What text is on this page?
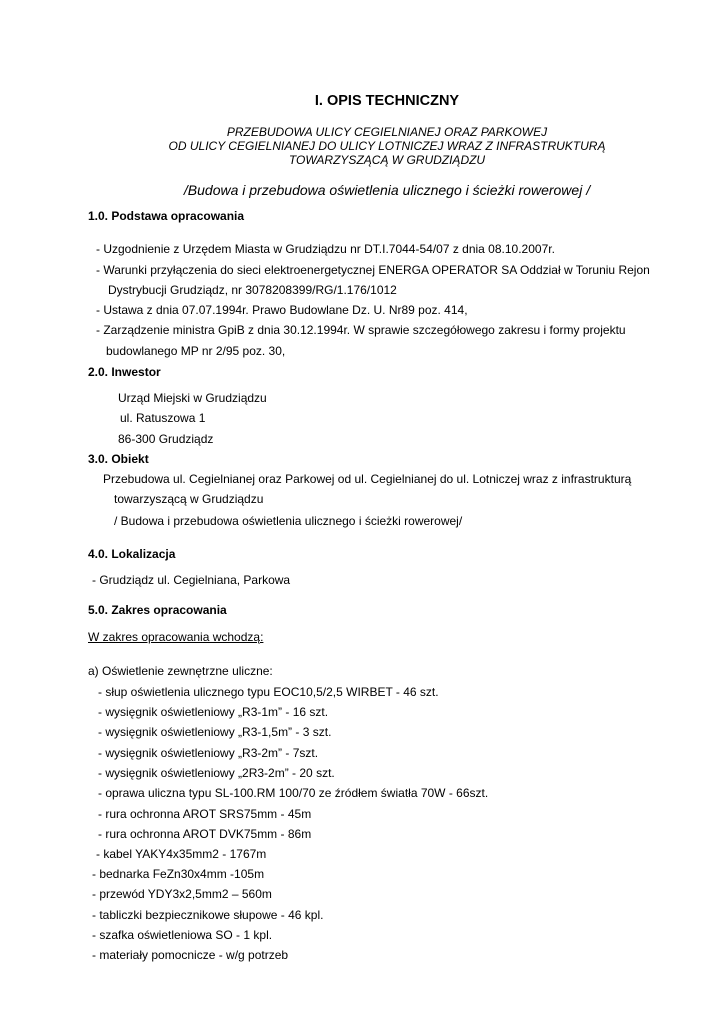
I. OPIS TECHNICZNY
PRZEBUDOWA ULICY CEGIELNIANEJ ORAZ PARKOWEJ
OD ULICY CEGIELNIANEJ DO ULICY LOTNICZEJ WRAZ Z INFRASTRUKTURĄ
TOWARZYSZĄCĄ W GRUDZIĄDZU
/Budowa i przebudowa oświetlenia ulicznego i ścieżki rowerowej /
1.0. Podstawa opracowania
- Uzgodnienie z Urzędem Miasta w Grudziądzu nr DT.I.7044-54/07 z dnia 08.10.2007r.
- Warunki przyłączenia do sieci elektroenergetycznej ENERGA OPERATOR SA Oddział w Toruniu Rejon
Dystrybucji Grudziądz, nr 3078208399/RG/1.176/1012
- Ustawa z dnia 07.07.1994r. Prawo Budowlane Dz. U. Nr89 poz. 414,
- Zarządzenie ministra GpiB z dnia 30.12.1994r. W sprawie szczegółowego zakresu i formy projektu
budowlanego MP nr 2/95 poz. 30,
2.0. Inwestor
Urząd Miejski w Grudziądzu
ul. Ratuszowa 1
86-300 Grudziądz
3.0. Obiekt
Przebudowa ul. Cegielnianej oraz Parkowej od ul. Cegielnianej do ul. Lotniczej wraz z infrastrukturą
towarzyszącą w Grudziądzu
/ Budowa i przebudowa oświetlenia ulicznego i ścieżki rowerowej/
4.0. Lokalizacja
- Grudziądz ul. Cegielniana, Parkowa
5.0. Zakres opracowania
W zakres opracowania wchodzą:
a) Oświetlenie zewnętrzne uliczne:
- słup oświetlenia ulicznego typu EOC10,5/2,5 WIRBET - 46 szt.
- wysięgnik oświetleniowy „R3-1m” - 16 szt.
- wysięgnik oświetleniowy „R3-1,5m” - 3 szt.
- wysięgnik oświetleniowy „R3-2m” - 7szt.
- wysięgnik oświetleniowy „2R3-2m” - 20 szt.
- oprawa uliczna typu SL-100.RM 100/70 ze źródłem światła 70W - 66szt.
- rura ochronna AROT SRS75mm - 45m
- rura ochronna AROT DVK75mm - 86m
- kabel YAKY4x35mm2 - 1767m
- bednarka FeZn30x4mm -105m
- przewód YDY3x2,5mm2 – 560m
- tabliczki bezpiecznikowe słupowe - 46 kpl.
- szafka oświetleniowa SO - 1 kpl.
- materiały pomocnicze - w/g potrzeb
